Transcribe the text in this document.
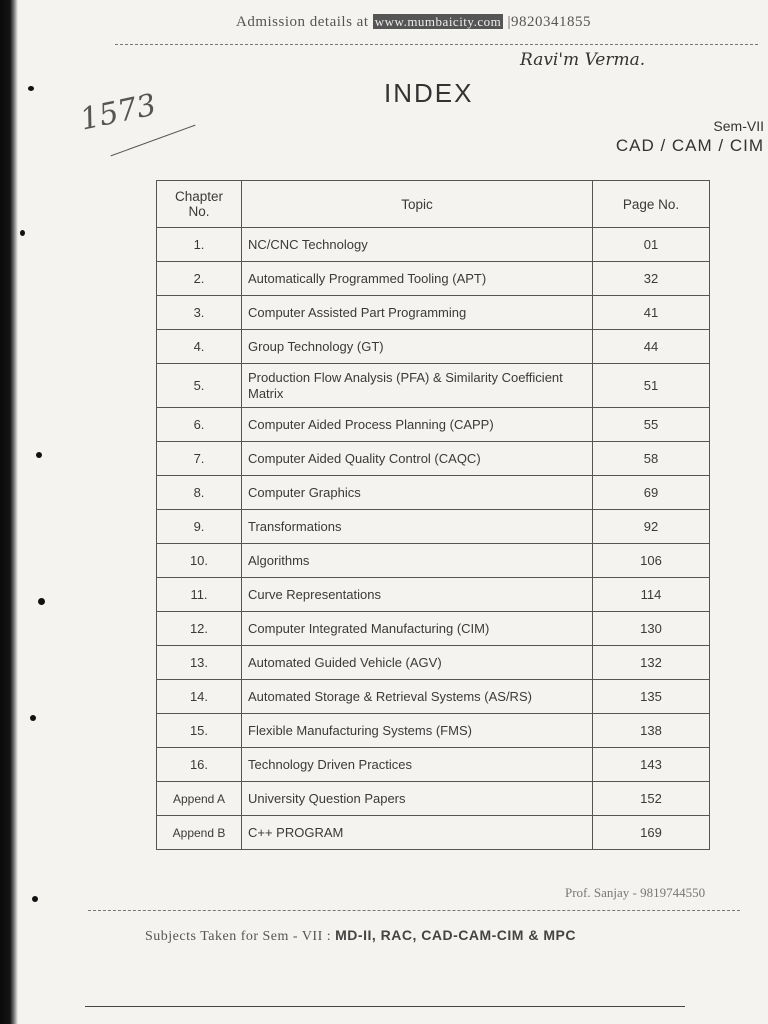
Admission details at www.mumbaicity.com |9820341855
Ravi'm Verma.
INDEX
1573	Sem-VII
CAD / CAM / CIM
Chapter No.	Topic	Page No.
1.	NC/CNC Technology	01
2.	Automatically Programmed Tooling (APT)	32
3.	Computer Assisted Part Programming	41
4.	Group Technology (GT)	44
5.	Production Flow Analysis (PFA) & Similarity Coefficient Matrix	51
6.	Computer Aided Process Planning (CAPP)	55
7.	Computer Aided Quality Control (CAQC)	58
8.	Computer Graphics	69
9.	Transformations	92
10.	Algorithms	106
11.	Curve Representations	114
12.	Computer Integrated Manufacturing (CIM)	130
13.	Automated Guided Vehicle (AGV)	132
14.	Automated Storage & Retrieval Systems (AS/RS)	135
15.	Flexible Manufacturing Systems (FMS)	138
16.	Technology Driven Practices	143
Append A	University Question Papers	152
Append B	C++ PROGRAM	169
Prof. Sanjay - 9819744550
Subjects Taken for Sem - VII : MD-II, RAC, CAD-CAM-CIM & MPC
